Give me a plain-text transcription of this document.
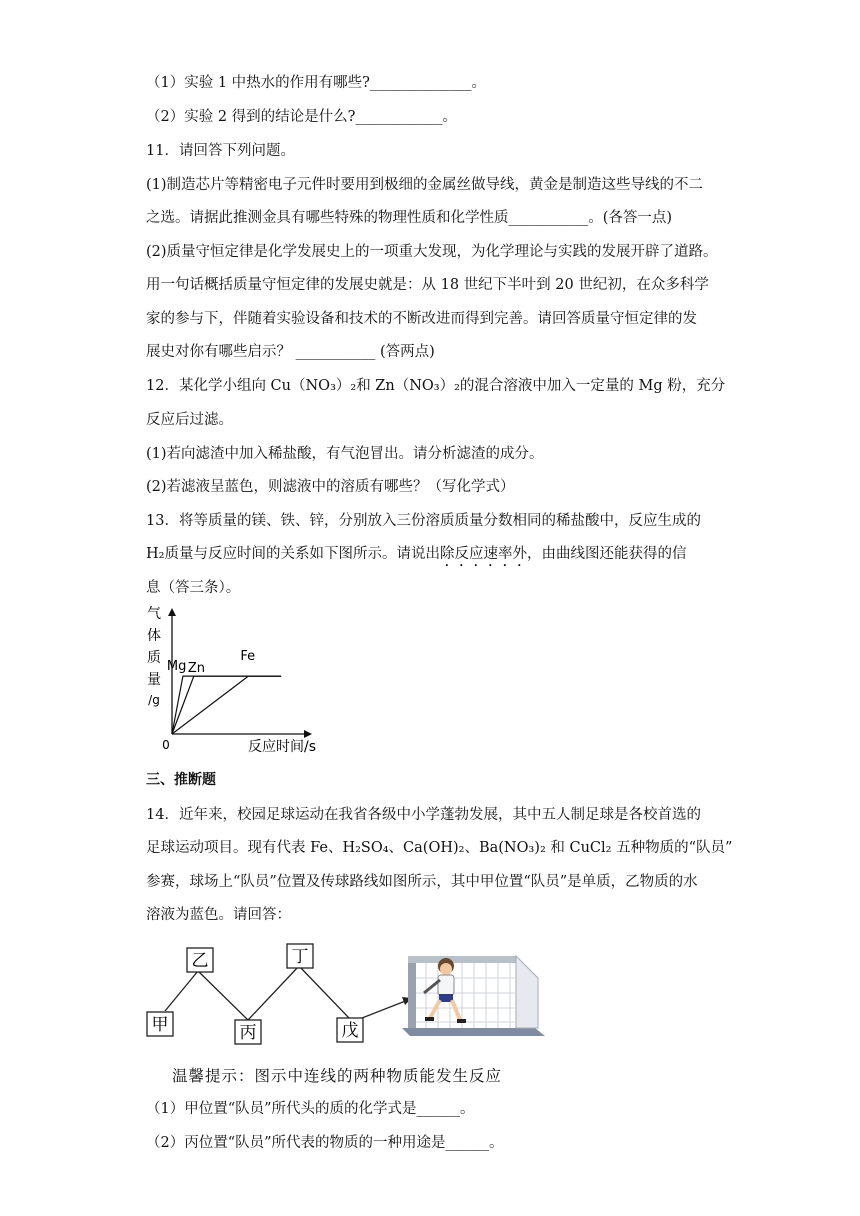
（1）实验 1 中热水的作用有哪些?______________。
（2）实验 2 得到的结论是什么?____________。
11．请回答下列问题。
(1)制造芯片等精密电子元件时要用到极细的金属丝做导线，黄金是制造这些导线的不二
之选。请据此推测金具有哪些特殊的物理性质和化学性质___________。(各答一点)
(2)质量守恒定律是化学发展史上的一项重大发现，为化学理论与实践的发展开辟了道路。
用一句话概括质量守恒定律的发展史就是：从 18 世纪下半叶到 20 世纪初，在众多科学
家的参与下，伴随着实验设备和技术的不断改进而得到完善。请回答质量守恒定律的发
展史对你有哪些启示？ ___________ (答两点)
12．某化学小组向 Cu（NO₃）₂和 Zn（NO₃）₂的混合溶液中加入一定量的 Mg 粉，充分
反应后过滤。
(1)若向滤渣中加入稀盐酸，有气泡冒出。请分析滤渣的成分。
(2)若滤液呈蓝色，则滤液中的溶质有哪些？（写化学式）
13．将等质量的镁、铁、锌，分别放入三份溶质质量分数相同的稀盐酸中，反应生成的
H₂质量与反应时间的关系如下图所示。请说出除反应速率外，由曲线图还能获得的信
息（答三条）。
0
气体质量/g
反应时间/s
Mg Zn
Fe
三、推断题
14．近年来，校园足球运动在我省各级中小学蓬勃发展，其中五人制足球是各校首选的
足球运动项目。现有代表 Fe、H₂SO₄、Ca(OH)₂、Ba(NO₃)₂ 和 CuCl₂ 五种物质的“队员”
参赛，球场上“队员”位置及传球路线如图所示，其中甲位置“队员”是单质，乙物质的水
溶液为蓝色。请回答：
乙	丁
甲	丙	戊
温馨提示：图示中连线的两种物质能发生反应
（1）甲位置“队员”所代头的质的化学式是______。
（2）丙位置“队员”所代表的物质的一种用途是______。
